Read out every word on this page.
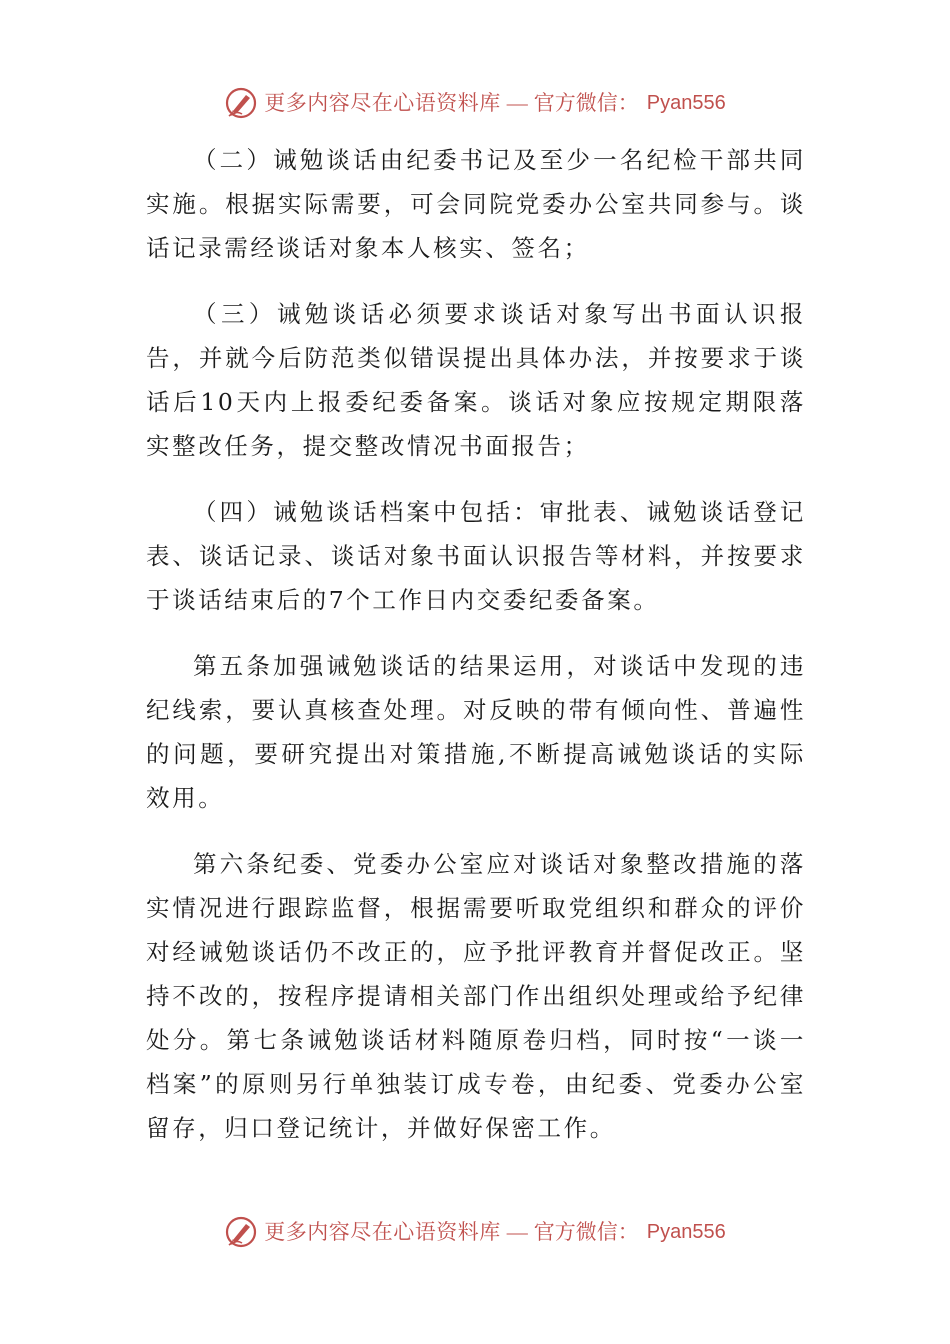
更多内容尽在心语资料库 — 官方微信： Pyan556

（二）诫勉谈话由纪委书记及至少一名纪检干部共同实施。根据实际需要，可会同院党委办公室共同参与。谈话记录需经谈话对象本人核实、签名；

（三）诫勉谈话必须要求谈话对象写出书面认识报告，并就今后防范类似错误提出具体办法，并按要求于谈话后10天内上报委纪委备案。谈话对象应按规定期限落实整改任务，提交整改情况书面报告；

（四）诫勉谈话档案中包括：审批表、诫勉谈话登记表、谈话记录、谈话对象书面认识报告等材料，并按要求于谈话结束后的7个工作日内交委纪委备案。

第五条加强诫勉谈话的结果运用，对谈话中发现的违纪线索，要认真核查处理。对反映的带有倾向性、普遍性的问题，要研究提出对策措施,不断提高诫勉谈话的实际效用。

第六条纪委、党委办公室应对谈话对象整改措施的落实情况进行跟踪监督，根据需要听取党组织和群众的评价对经诫勉谈话仍不改正的，应予批评教育并督促改正。坚持不改的，按程序提请相关部门作出组织处理或给予纪律处分。第七条诫勉谈话材料随原卷归档，同时按“一谈一档案”的原则另行单独装订成专卷，由纪委、党委办公室留存，归口登记统计，并做好保密工作。

更多内容尽在心语资料库 — 官方微信： Pyan556
